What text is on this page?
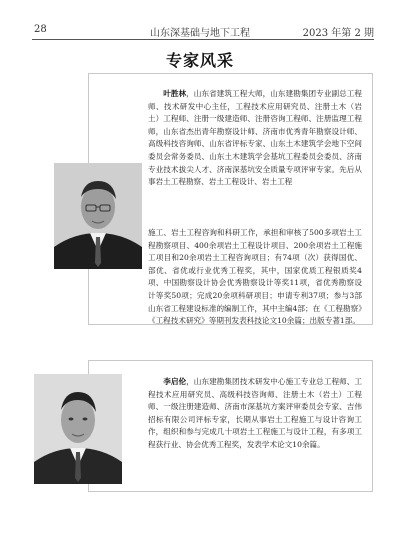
28	山东深基础与地下工程	2023 年第 2 期
专家风采

叶胜林，山东省建筑工程大师，山东建勘集团专业副总工程师、技术研发中心主任，工程技术应用研究员、注册土木（岩土）工程师、注册一级建造师、注册咨询工程师、注册监理工程师，山东省杰出青年勘察设计师、济南市优秀青年勘察设计师、高级科技咨询师、山东省评标专家、山东土木建筑学会地下空间委员会常务委员、山东土木建筑学会基坑工程委员会委员、济南专业技术拔尖人才、济南深基坑安全质量专项评审专家。先后从事岩土工程勘察、岩土工程设计、岩土工程

施工、岩土工程咨询和科研工作，承担和审核了500多项岩土工程勘察项目、400余项岩土工程设计项目、200余项岩土工程施工项目和20余项岩土工程咨询项目；有74项（次）获得国优、部优、省优或行业优秀工程奖，其中，国家优质工程银质奖4项、中国勘察设计协会优秀勘察设计等奖11项，省优秀勘察设计等奖50项；完成20余项科研项目；申请专利37项；参与3部山东省工程建设标准的编制工作，其中主编4部；在《工程勘察》《工程技术研究》等期刊发表科技论文10余篇；出版专著1部。

李启伦，山东建勘集团技术研发中心施工专业总工程师、工程技术应用研究员、高级科技咨询师、注册土木（岩土）工程师、一级注册建造师、济南市深基坑方案评审委员会专家、吉伟招标有限公司评标专家，长期从事岩土工程施工与设计咨询工作，组织和参与完成几十项岩土工程施工与设计工程，有多项工程获行业、协会优秀工程奖，发表学术论文10余篇。
